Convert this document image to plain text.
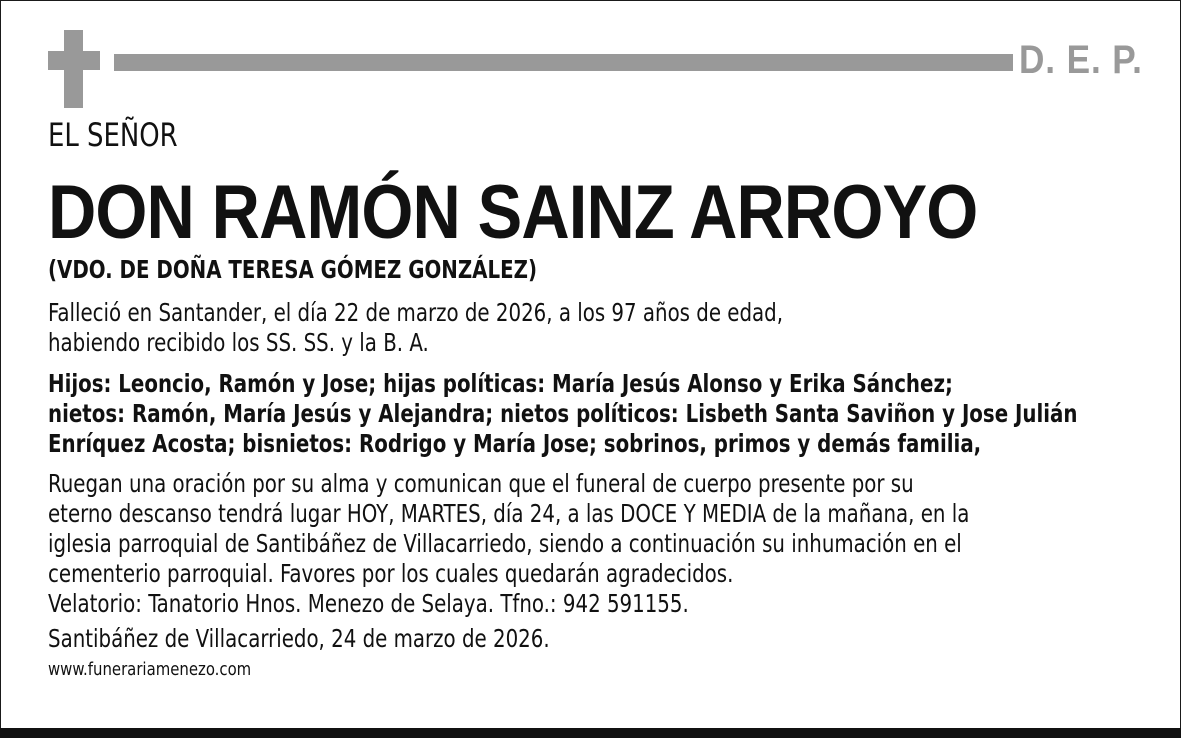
D. E. P.
EL SEÑOR
DON RAMÓN SAINZ ARROYO
(VDO. DE DOÑA TERESA GÓMEZ GONZÁLEZ)
Falleció en Santander, el día 22 de marzo de 2026, a los 97 años de edad,
habiendo recibido los SS. SS. y la B. A.
Hijos: Leoncio, Ramón y Jose; hijas políticas: María Jesús Alonso y Erika Sánchez;
nietos: Ramón, María Jesús y Alejandra; nietos políticos: Lisbeth Santa Saviñon y Jose Julián
Enríquez Acosta; bisnietos: Rodrigo y María Jose; sobrinos, primos y demás familia,
Ruegan una oración por su alma y comunican que el funeral de cuerpo presente por su
eterno descanso tendrá lugar HOY, MARTES, día 24, a las DOCE Y MEDIA de la mañana, en la
iglesia parroquial de Santibáñez de Villacarriedo, siendo a continuación su inhumación en el
cementerio parroquial. Favores por los cuales quedarán agradecidos.
Velatorio: Tanatorio Hnos. Menezo de Selaya. Tfno.: 942 591155.
Santibáñez de Villacarriedo, 24 de marzo de 2026.
www.funerariamenezo.com
